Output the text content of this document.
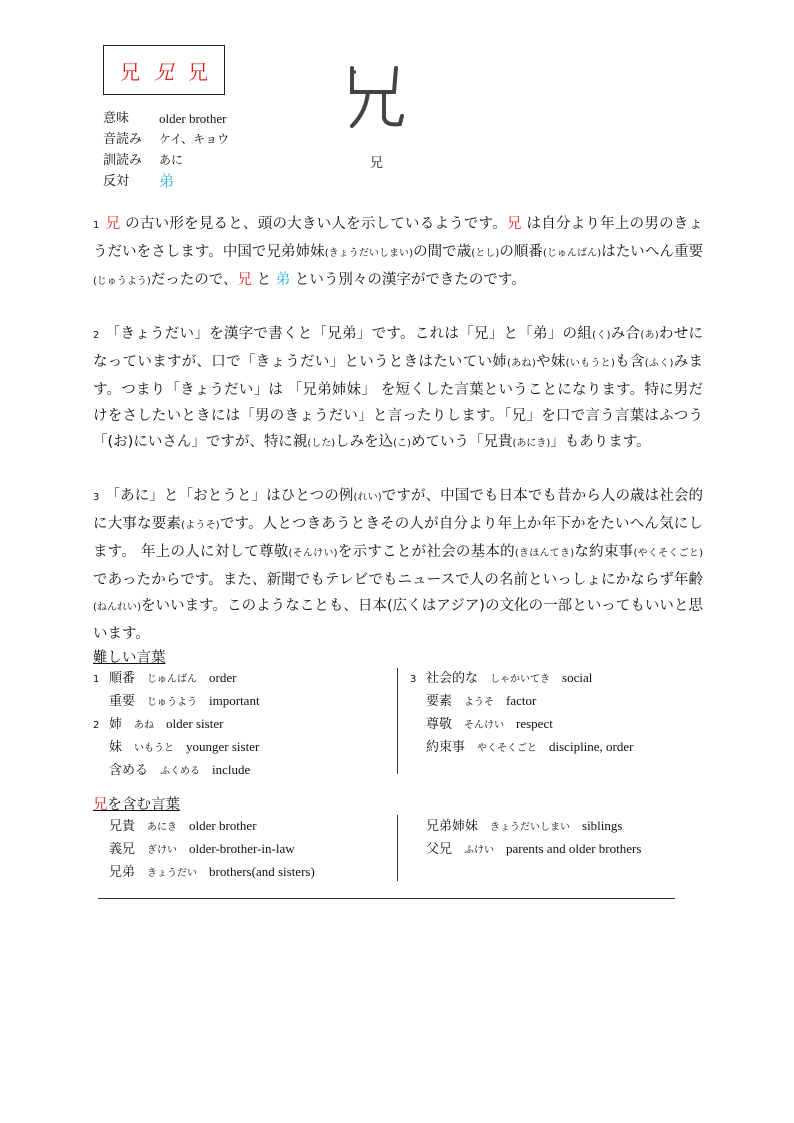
兄 兄 兄
意味	older brother
音読み	ケイ、キョウ
訓読み	あに
反対	弟
兄

1 兄 の古い形を見ると、頭の大きい人を示しているようです。兄 は自分より年上の男のきょうだいをさします。中国で兄弟姉妹(きょうだいしまい)の間で歳(とし)の順番(じゅんばん)はたいへん重要(じゅうよう)だったので、兄 と 弟 という別々の漢字ができたのです。

2 「きょうだい」を漢字で書くと「兄弟」です。これは「兄」と「弟」の組(く)み合(あ)わせになっていますが、口で「きょうだい」というときはたいてい姉(あね)や妹(いもうと)も含(ふく)みます。つまり「きょうだい」は 「兄弟姉妹」 を短くした言葉ということになります。特に男だけをさしたいときには「男のきょうだい」と言ったりします。「兄」を口で言う言葉はふつう「(お)にいさん」ですが、特に親(した)しみを込(こ)めていう「兄貴(あにき)」もあります。

3 「あに」と「おとうと」はひとつの例(れい)ですが、中国でも日本でも昔から人の歳は社会的に大事な要素(ようそ)です。人とつきあうときその人が自分より年上か年下かをたいへん気にします。 年上の人に対して尊敬(そんけい)を示すことが社会の基本的(きほんてき)な約束事(やくそくごと)であったからです。また、新聞でもテレビでもニュースで人の名前といっしょにかならず年齢(ねんれい)をいいます。このようなことも、日本(広くはアジア)の文化の一部といってもいいと思います。

難しい言葉
1 順番 じゅんばん order
重要 じゅうよう important
2 姉 あね older sister
妹 いもうと younger sister
含める ふくめる include
3 社会的な しゃかいてき social
要素 ようそ factor
尊敬 そんけい respect
約束事 やくそくごと discipline, order
兄を含む言葉
兄貴 あにき older brother
義兄 ぎけい older-brother-in-law
兄弟 きょうだい brothers(and sisters)
兄弟姉妹 きょうだいしまい siblings
父兄 ふけい parents and older brothers
